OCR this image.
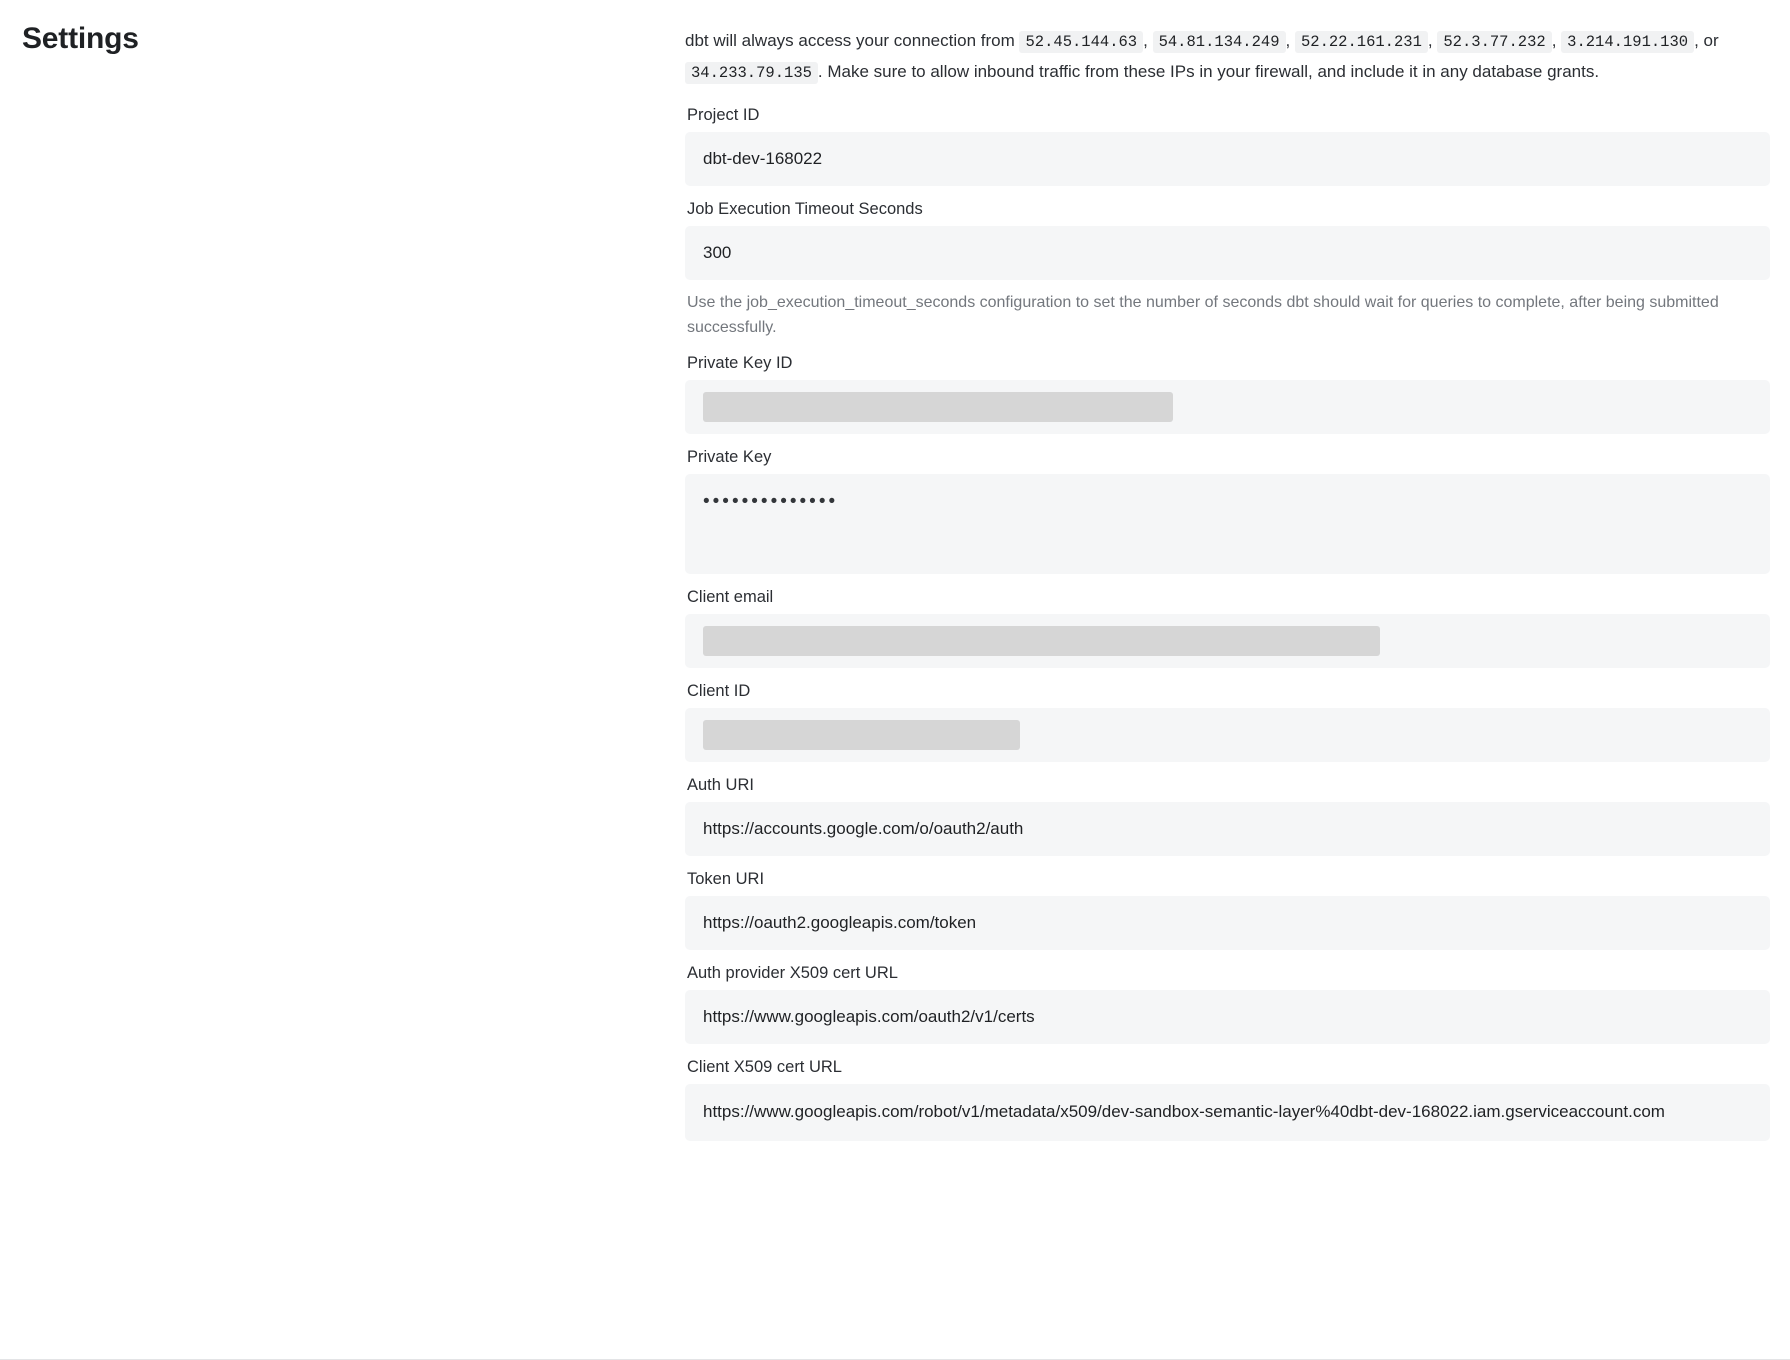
Settings	dbt will always access your connection from 52.45.144.63 , 54.81.134.249 , 52.22.161.231 , 52.3.77.232 , 3.214.191.130 , or 34.233.79.135 . Make sure to allow inbound traffic from these IPs in your firewall, and include it in any database grants.

Project ID
dbt-dev-168022
Job Execution Timeout Seconds
300

Use the job_execution_timeout_seconds configuration to set the number of seconds dbt should wait for queries to complete, after being submitted successfully.

Private Key ID
Private Key
••••••••••••••
Client email
Client ID
Auth URI
https://accounts.google.com/o/oauth2/auth
Token URI
https://oauth2.googleapis.com/token
Auth provider X509 cert URL
https://www.googleapis.com/oauth2/v1/certs
Client X509 cert URL
https://www.googleapis.com/robot/v1/metadata/x509/dev-sandbox-semantic-layer%40dbt-dev-168022.iam.gserviceaccount.com
